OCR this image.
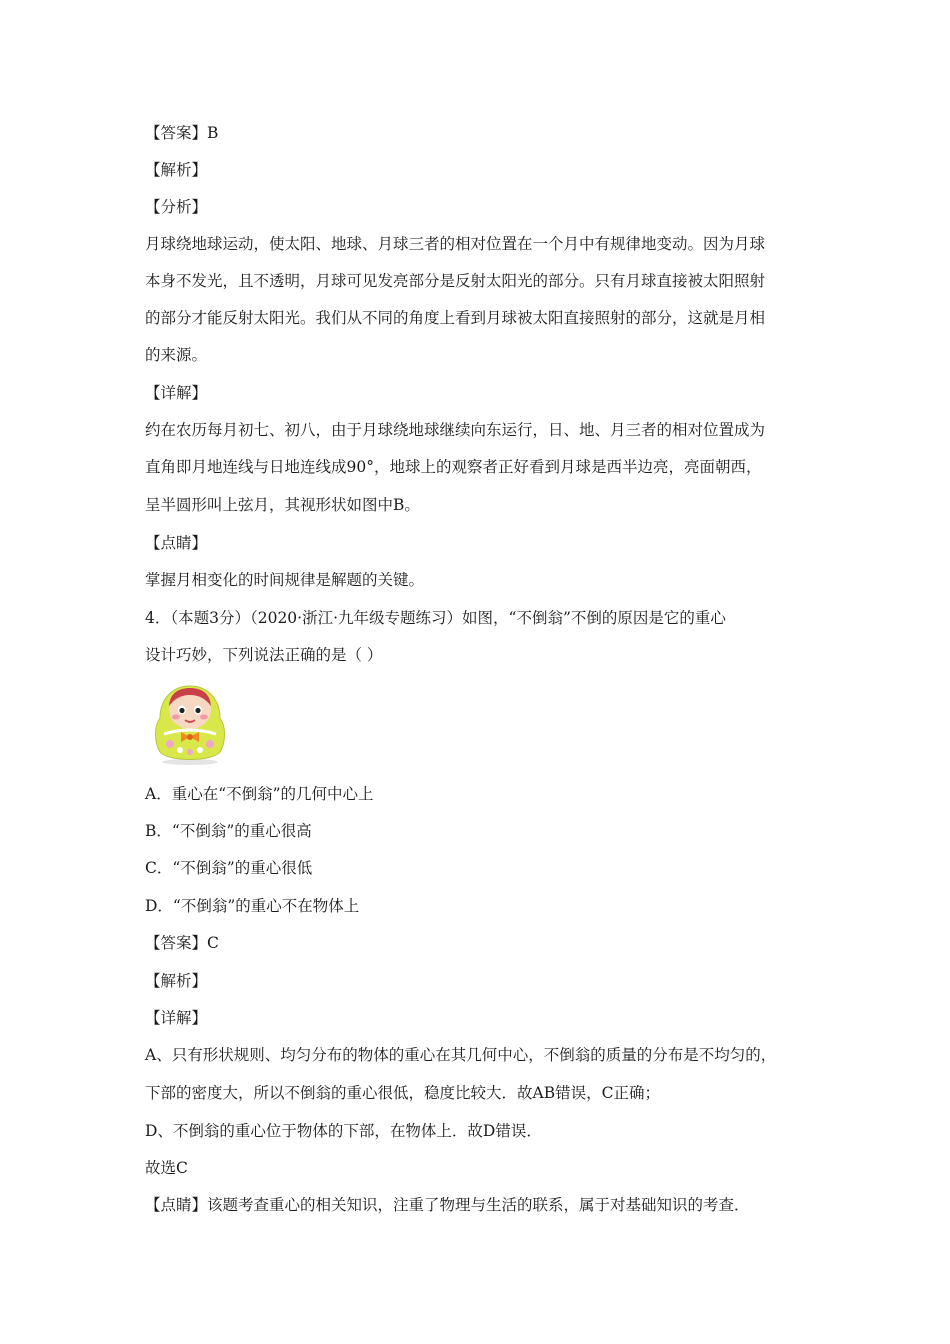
【答案】B

【解析】

【分析】

月球绕地球运动，使太阳、地球、月球三者的相对位置在一个月中有规律地变动。因为月球

本身不发光，且不透明，月球可见发亮部分是反射太阳光的部分。只有月球直接被太阳照射

的部分才能反射太阳光。我们从不同的角度上看到月球被太阳直接照射的部分，这就是月相

的来源。

【详解】

约在农历每月初七、初八，由于月球绕地球继续向东运行，日、地、月三者的相对位置成为

直角即月地连线与日地连线成90°，地球上的观察者正好看到月球是西半边亮，亮面朝西，

呈半圆形叫上弦月，其视形状如图中B。

【点睛】

掌握月相变化的时间规律是解题的关键。

4．（本题3分）（2020·浙江·九年级专题练习）如图，“不倒翁”不倒的原因是它的重心

设计巧妙，下列说法正确的是（ ）

A．重心在“不倒翁”的几何中心上

B．“不倒翁”的重心很高

C．“不倒翁”的重心很低

D．“不倒翁”的重心不在物体上

【答案】C

【解析】

【详解】

A、只有形状规则、均匀分布的物体的重心在其几何中心，不倒翁的质量的分布是不均匀的，

下部的密度大，所以不倒翁的重心很低，稳度比较大．故AB错误，C正确；

D、不倒翁的重心位于物体的下部，在物体上．故D错误．

故选C

【点睛】该题考查重心的相关知识，注重了物理与生活的联系，属于对基础知识的考查．
